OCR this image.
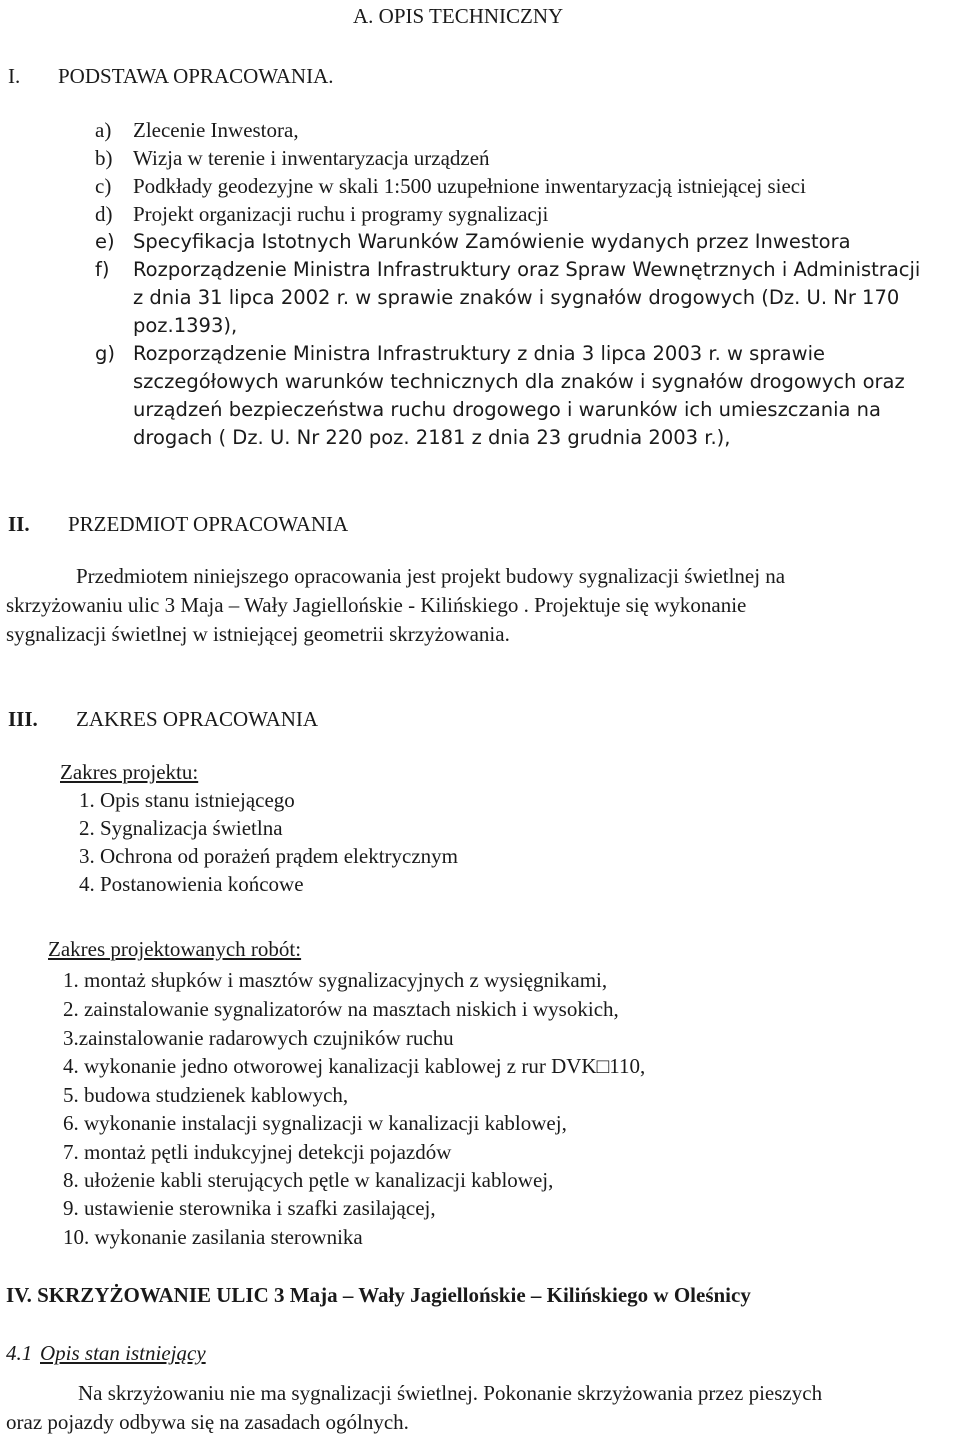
A. OPIS TECHNICZNY
I. PODSTAWA OPRACOWANIA.
a) Zlecenie Inwestora,
b) Wizja w terenie i inwentaryzacja urządzeń
c) Podkłady geodezyjne w skali 1:500 uzupełnione inwentaryzacją istniejącej sieci
d) Projekt organizacji ruchu i programy sygnalizacji
e) Specyfikacja Istotnych Warunków Zamówienie wydanych przez Inwestora
f) Rozporządzenie Ministra Infrastruktury oraz Spraw Wewnętrznych i Administracji
z dnia 31 lipca 2002 r. w sprawie znaków i sygnałów drogowych (Dz. U. Nr 170
poz.1393),
g) Rozporządzenie Ministra Infrastruktury z dnia 3 lipca 2003 r. w sprawie
szczegółowych warunków technicznych dla znaków i sygnałów drogowych oraz
urządzeń bezpieczeństwa ruchu drogowego i warunków ich umieszczania na
drogach ( Dz. U. Nr 220 poz. 2181 z dnia 23 grudnia 2003 r.),
II. PRZEDMIOT OPRACOWANIA
Przedmiotem niniejszego opracowania jest projekt budowy sygnalizacji świetlnej na
skrzyżowaniu ulic 3 Maja – Wały Jagiellońskie - Kilińskiego . Projektuje się wykonanie
sygnalizacji świetlnej w istniejącej geometrii skrzyżowania.
III. ZAKRES OPRACOWANIA
Zakres projektu:
1. Opis stanu istniejącego
2. Sygnalizacja świetlna
3. Ochrona od porażeń prądem elektrycznym
4. Postanowienia końcowe
Zakres projektowanych robót:
1. montaż słupków i masztów sygnalizacyjnych z wysięgnikami,
2. zainstalowanie sygnalizatorów na masztach niskich i wysokich,
3.zainstalowanie radarowych czujników ruchu
4. wykonanie jedno otworowej kanalizacji kablowej z rur DVK□110,
5. budowa studzienek kablowych,
6. wykonanie instalacji sygnalizacji w kanalizacji kablowej,
7. montaż pętli indukcyjnej detekcji pojazdów
8. ułożenie kabli sterujących pętle w kanalizacji kablowej,
9. ustawienie sterownika i szafki zasilającej,
10. wykonanie zasilania sterownika
IV. SKRZYŻOWANIE ULIC 3 Maja – Wały Jagiellońskie – Kilińskiego w Oleśnicy
4.1 Opis stan istniejący
Na skrzyżowaniu nie ma sygnalizacji świetlnej. Pokonanie skrzyżowania przez pieszych
oraz pojazdy odbywa się na zasadach ogólnych.
